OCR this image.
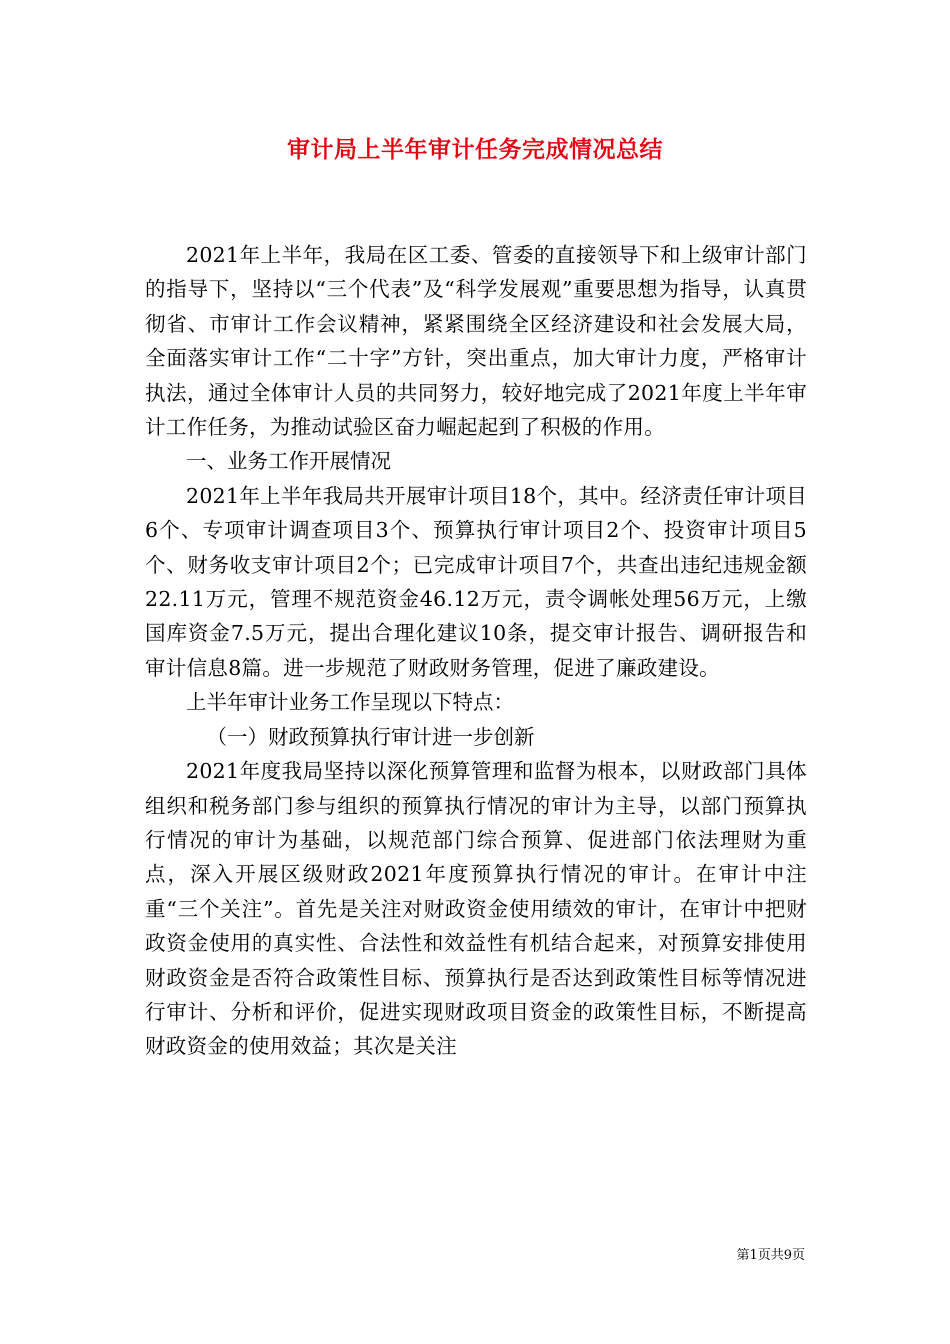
审计局上半年审计任务完成情况总结

2021年上半年，我局在区工委、管委的直接领导下和上级审计部门的指导下，坚持以“三个代表”及“科学发展观”重要思想为指导，认真贯彻省、市审计工作会议精神，紧紧围绕全区经济建设和社会发展大局，全面落实审计工作“二十字”方针，突出重点，加大审计力度，严格审计执法，通过全体审计人员的共同努力，较好地完成了2021年度上半年审计工作任务，为推动试验区奋力崛起起到了积极的作用。

一、业务工作开展情况

2021年上半年我局共开展审计项目18个，其中。经济责任审计项目6个、专项审计调查项目3个、预算执行审计项目2个、投资审计项目5个、财务收支审计项目2个；已完成审计项目7个，共查出违纪违规金额22.11万元，管理不规范资金46.12万元，责令调帐处理56万元，上缴国库资金7.5万元，提出合理化建议10条，提交审计报告、调研报告和审计信息8篇。进一步规范了财政财务管理，促进了廉政建设。

上半年审计业务工作呈现以下特点：

（一）财政预算执行审计进一步创新

2021年度我局坚持以深化预算管理和监督为根本，以财政部门具体组织和税务部门参与组织的预算执行情况的审计为主导，以部门预算执行情况的审计为基础，以规范部门综合预算、促进部门依法理财为重点，深入开展区级财政2021年度预算执行情况的审计。在审计中注重“三个关注”。首先是关注对财政资金使用绩效的审计，在审计中把财政资金使用的真实性、合法性和效益性有机结合起来，对预算安排使用财政资金是否符合政策性目标、预算执行是否达到政策性目标等情况进行审计、分析和评价，促进实现财政项目资金的政策性目标，不断提高财政资金的使用效益；其次是关注

第1页共9页
